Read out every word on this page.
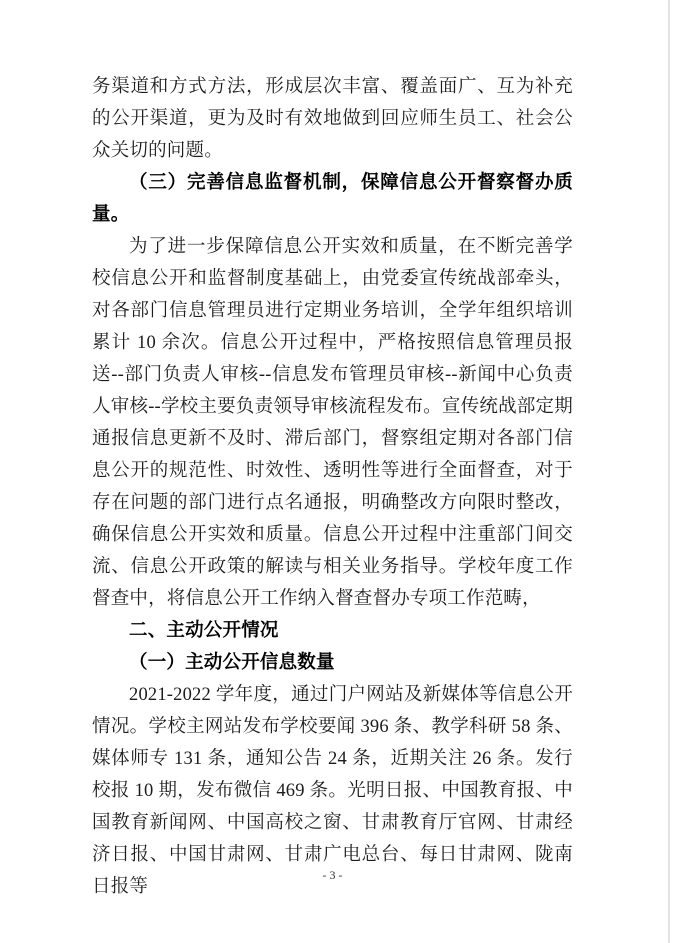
务渠道和方式方法，形成层次丰富、覆盖面广、互为补充的公开渠道，更为及时有效地做到回应师生员工、社会公众关切的问题。

（三）完善信息监督机制，保障信息公开督察督办质量。

为了进一步保障信息公开实效和质量，在不断完善学校信息公开和监督制度基础上，由党委宣传统战部牵头，对各部门信息管理员进行定期业务培训，全学年组织培训累计 10 余次。信息公开过程中，严格按照信息管理员报送--部门负责人审核--信息发布管理员审核--新闻中心负责人审核--学校主要负责领导审核流程发布。宣传统战部定期通报信息更新不及时、滞后部门，督察组定期对各部门信息公开的规范性、时效性、透明性等进行全面督查，对于存在问题的部门进行点名通报，明确整改方向限时整改，确保信息公开实效和质量。信息公开过程中注重部门间交流、信息公开政策的解读与相关业务指导。学校年度工作督查中，将信息公开工作纳入督查督办专项工作范畴，

二、主动公开情况

（一）主动公开信息数量

2021-2022 学年度，通过门户网站及新媒体等信息公开情况。学校主网站发布学校要闻 396 条、教学科研 58 条、媒体师专 131 条，通知公告 24 条，近期关注 26 条。发行校报 10 期，发布微信 469 条。光明日报、中国教育报、中国教育新闻网、中国高校之窗、甘肃教育厅官网、甘肃经济日报、中国甘肃网、甘肃广电总台、每日甘肃网、陇南日报等

- 3 -
